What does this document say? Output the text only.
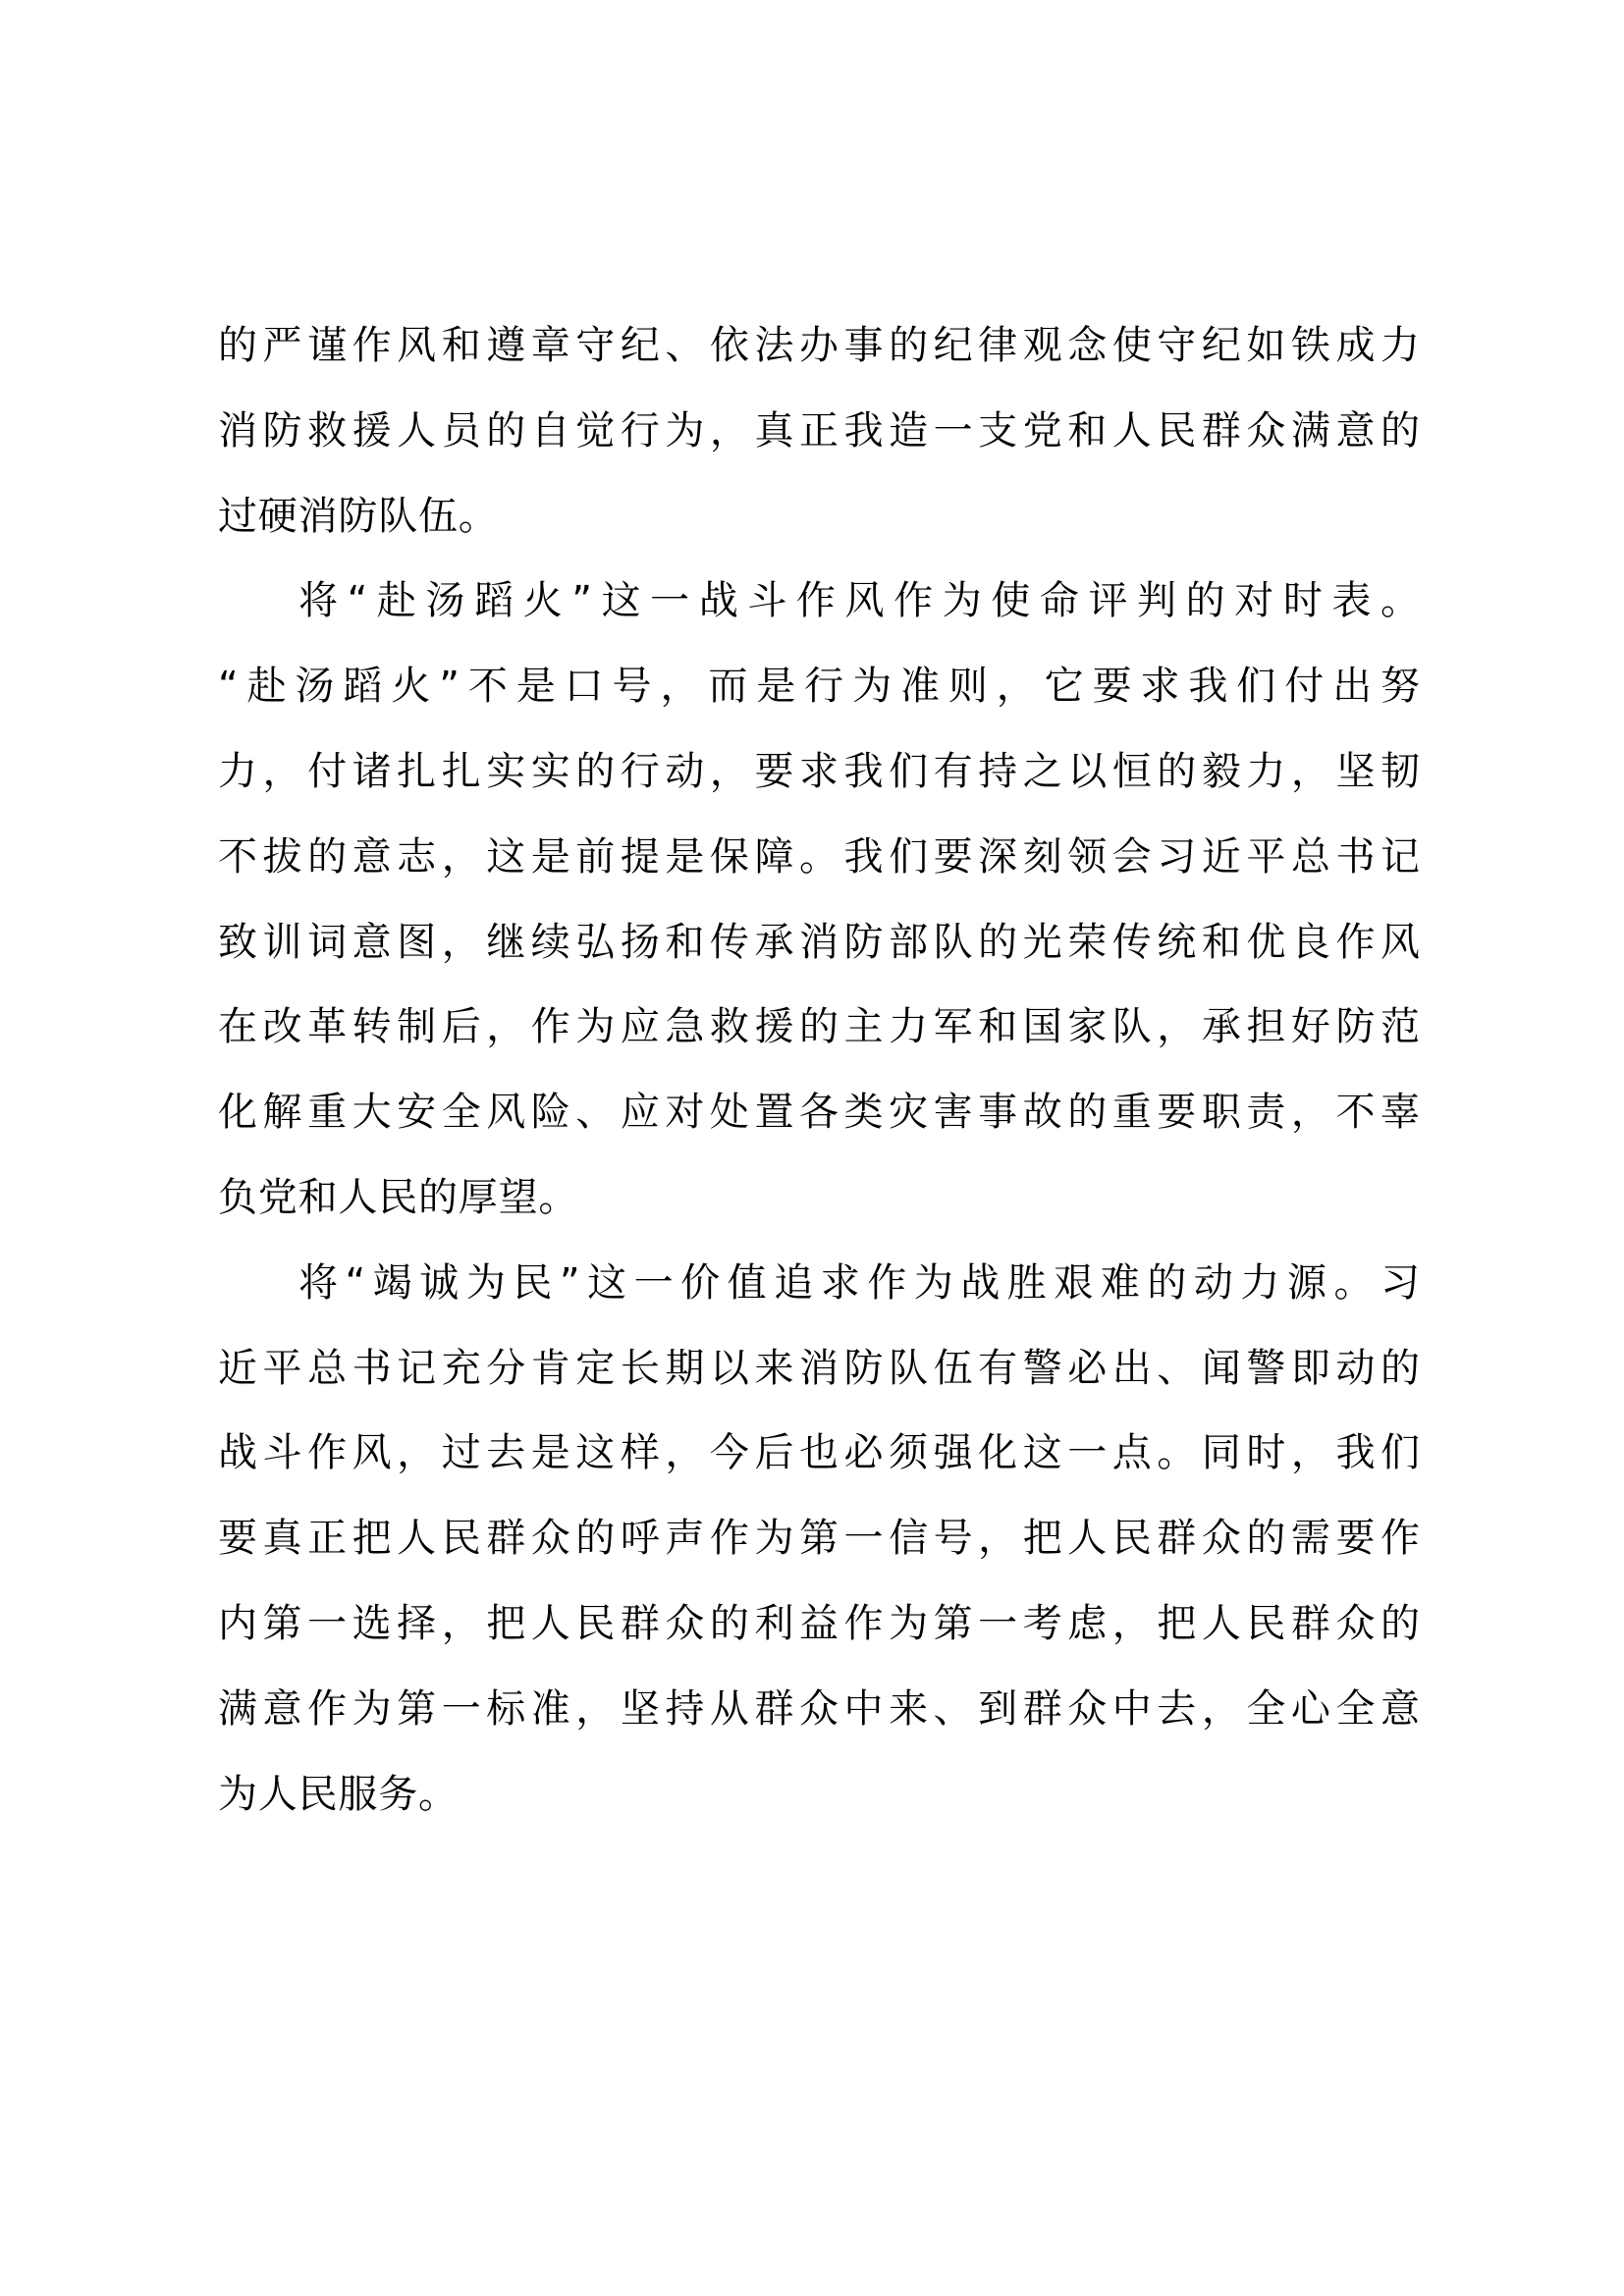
的严谨作风和遵章守纪、依法办事的纪律观念使守纪如铁成力
消防救援人员的自觉行为，真正我造一支党和人民群众满意的
过硬消防队伍。
将“赴汤蹈火”这一战斗作风作为使命评判的对时表。
“赴汤蹈火”不是口号，而是行为准则，它要求我们付出努
力，付诸扎扎实实的行动，要求我们有持之以恒的毅力，坚韧
不拔的意志，这是前提是保障。我们要深刻领会习近平总书记
致训词意图，继续弘扬和传承消防部队的光荣传统和优良作风
在改革转制后，作为应急救援的主力军和国家队，承担好防范
化解重大安全风险、应对处置各类灾害事故的重要职责，不辜
负党和人民的厚望。
将“竭诚为民”这一价值追求作为战胜艰难的动力源。习
近平总书记充分肯定长期以来消防队伍有警必出、闻警即动的
战斗作风，过去是这样，今后也必须强化这一点。同时，我们
要真正把人民群众的呼声作为第一信号，把人民群众的需要作
内第一选择，把人民群众的利益作为第一考虑，把人民群众的
满意作为第一标准，坚持从群众中来、到群众中去，全心全意
为人民服务。
